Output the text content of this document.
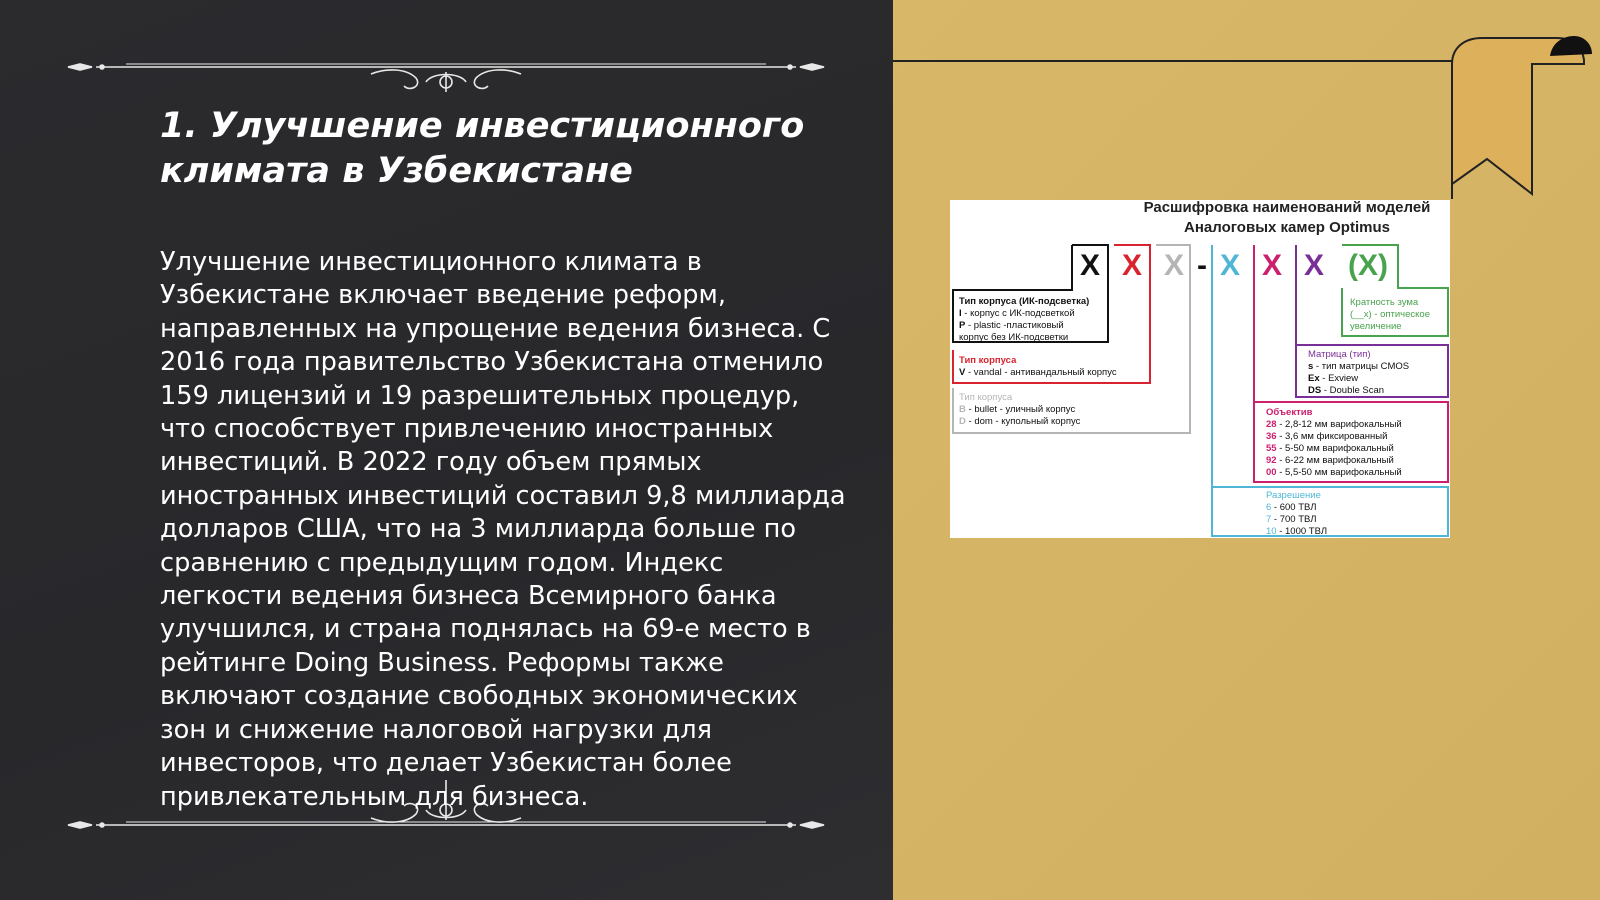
1. Улучшение инвестиционного климата в Узбекистане

Улучшение инвестиционного климата в Узбекистане включает введение реформ, направленных на упрощение ведения бизнеса. С 2016 года правительство Узбекистана отменило 159 лицензий и 19 разрешительных процедур, что способствует привлечению иностранных инвестиций. В 2022 году объем прямых иностранных инвестиций составил 9,8 миллиарда долларов США, что на 3 миллиарда больше по сравнению с предыдущим годом. Индекс легкости ведения бизнеса Всемирного банка улучшился, и страна поднялась на 69-е место в рейтинге Doing Business. Реформы также включают создание свободных экономических зон и снижение налоговой нагрузки для инвесторов, что делает Узбекистан более привлекательным для бизнеса.

Расшифровка наименований моделей
Аналоговых камер Optimus
X X X - X X X (X)
Тип корпуса (ИК-подсветка)
I - корпус с ИК-подсветкой
P - plastic -пластиковый
корпус без ИК-подсветки
Тип корпуса
V - vandal - антивандальный корпус
Тип корпуса
B - bullet - уличный корпус
D - dom - купольный корпус
Кратность зума
(__x) - оптическое
увеличение
Матрица (тип)
s - тип матрицы CMOS
Ex - Exview
DS - Double Scan
Объектив
28 - 2,8-12 мм варифокальный
36 - 3,6 мм фиксированный
55 - 5-50 мм варифокальный
92 - 6-22 мм варифокальный
00 - 5,5-50 мм варифокальный
Разрешение
6 - 600 ТВЛ
7 - 700 ТВЛ
10 - 1000 ТВЛ
